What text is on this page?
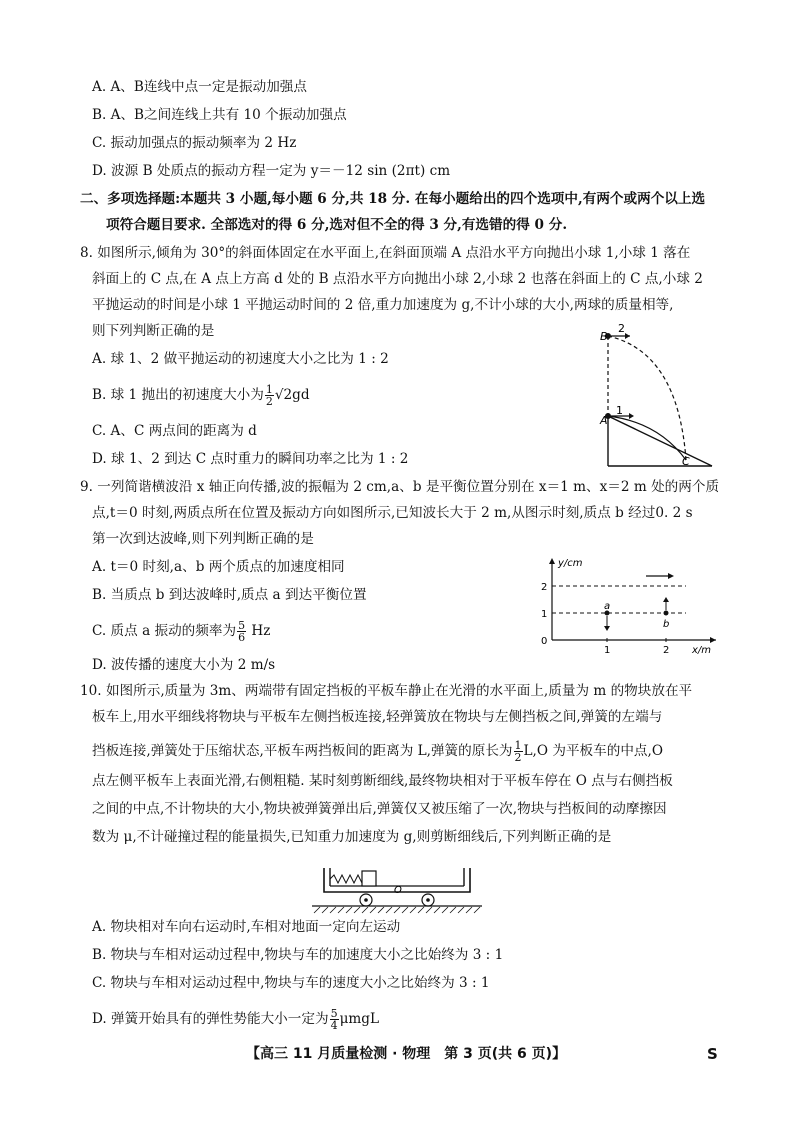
A. A、B连线中点一定是振动加强点
B. A、B之间连线上共有 10 个振动加强点
C. 振动加强点的振动频率为 2 Hz
D. 波源 B 处质点的振动方程一定为 y＝－12 sin (2πt) cm
二、多项选择题:本题共 3 小题,每小题 6 分,共 18 分. 在每小题给出的四个选项中,有两个或两个以上选
项符合题目要求. 全部选对的得 6 分,选对但不全的得 3 分,有选错的得 0 分.
8. 如图所示,倾角为 30°的斜面体固定在水平面上,在斜面顶端 A 点沿水平方向抛出小球 1,小球 1 落在
斜面上的 C 点,在 A 点上方高 d 处的 B 点沿水平方向抛出小球 2,小球 2 也落在斜面上的 C 点,小球 2
平抛运动的时间是小球 1 平抛运动时间的 2 倍,重力加速度为 g,不计小球的大小,两球的质量相等,
则下列判断正确的是
A. 球 1、2 做平抛运动的初速度大小之比为 1 : 2
B. 球 1 抛出的初速度大小为 $\frac{1}{2} √2gd$
C. A、C 两点间的距离为 d
D. 球 1、2 到达 C 点时重力的瞬间功率之比为 1 : 2
B
2
A
1
C
9. 一列简谐横波沿 x 轴正向传播,波的振幅为 2 cm,a、b 是平衡位置分别在 x＝1 m、x＝2 m 处的两个质
点,t＝0 时刻,两质点所在位置及振动方向如图所示,已知波长大于 2 m,从图示时刻,质点 b 经过0. 2 s
第一次到达波峰,则下列判断正确的是
A. t＝0 时刻,a、b 两个质点的加速度相同
B. 当质点 b 到达波峰时,质点 a 到达平衡位置
C. 质点 a 振动的频率为 $\frac{5}{6}$ Hz
D. 波传播的速度大小为 2 m/s
y/cm
2
1
0
1	2 x/m
a
b
10. 如图所示,质量为 3m、两端带有固定挡板的平板车静止在光滑的水平面上,质量为 m 的物块放在平
板车上,用水平细线将物块与平板车左侧挡板连接,轻弹簧放在物块与左侧挡板之间,弹簧的左端与
挡板连接,弹簧处于压缩状态,平板车两挡板间的距离为 L,弹簧的原长为 $\frac{1}{2} L,O$ 为平板车的中点,O
点左侧平板车上表面光滑,右侧粗糙. 某时刻剪断细线,最终物块相对于平板车停在 O 点与右侧挡板
之间的中点,不计物块的大小,物块被弹簧弹出后,弹簧仅又被压缩了一次,物块与挡板间的动摩擦因
数为 μ,不计碰撞过程的能量损失,已知重力加速度为 g,则剪断细线后,下列判断正确的是
O
A. 物块相对车向右运动时,车相对地面一定向左运动
B. 物块与车相对运动过程中,物块与车的加速度大小之比始终为 3 : 1
C. 物块与车相对运动过程中,物块与车的速度大小之比始终为 3 : 1
D. 弹簧开始具有的弹性势能大小一定为 $\frac{5}{4}$ μmgL
【高三 11 月质量检测 · 物理　第 3 页(共 6 页)】	S
